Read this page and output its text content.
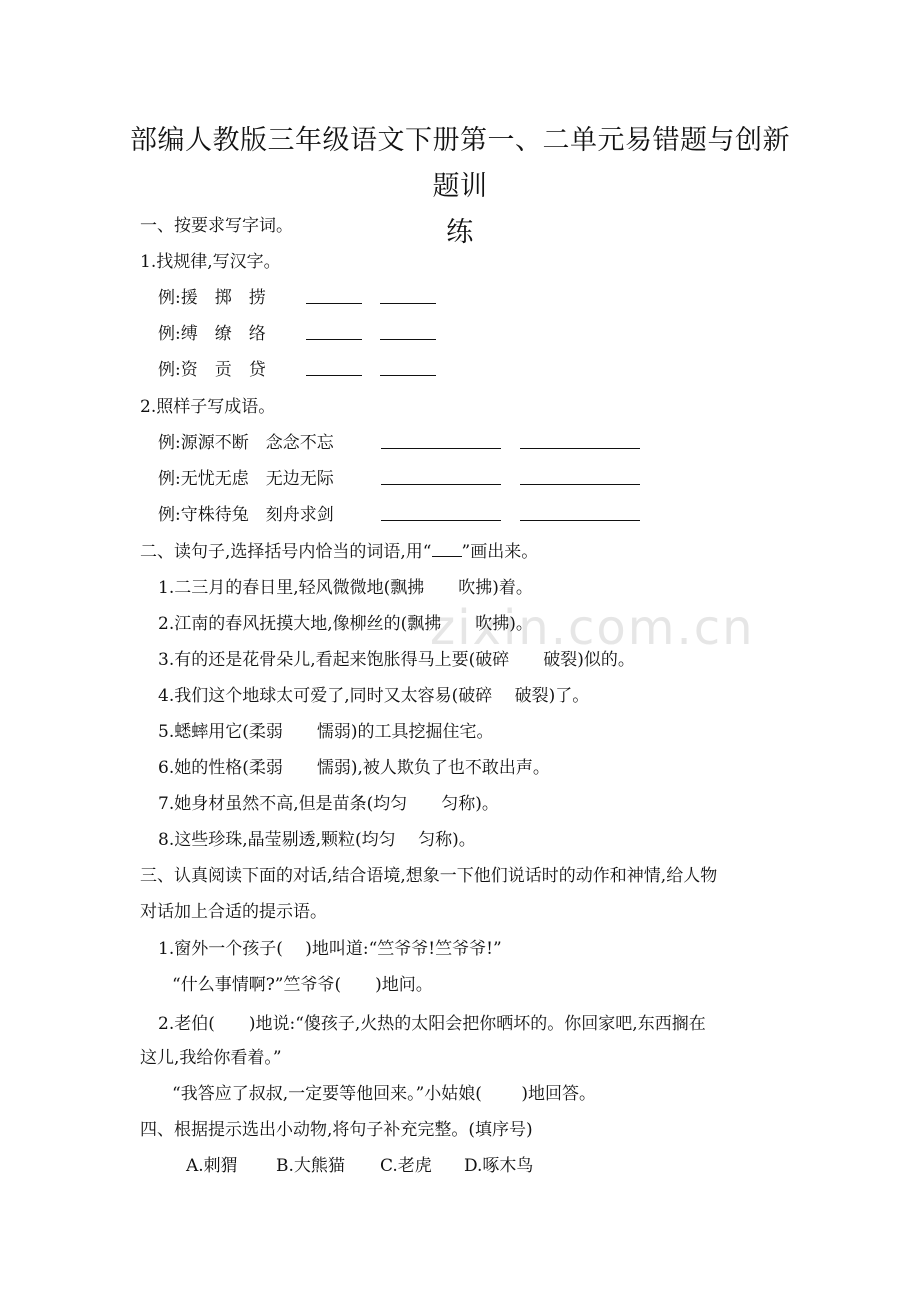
zixin.com.cn
部编人教版三年级语文下册第一、二单元易错题与创新题训
练
一、按要求写字词。
1.找规律,写汉字。
例:援　掷　捞
例:缚　缭　络
例:资　贡　贷
2.照样子写成语。
例:源源不断　念念不忘
例:无忧无虑　无边无际
例:守株待兔　刻舟求剑
二、读句子,选择括号内恰当的词语,用“ ”画出来。
1.二三月的春日里,轻风微微地(飘拂　　吹拂)着。
2.江南的春风抚摸大地,像柳丝的(飘拂　　吹拂)。
3.有的还是花骨朵儿,看起来饱胀得马上要(破碎　　破裂)似的。
4.我们这个地球太可爱了,同时又太容易(破碎　 破裂)了。
5.蟋蟀用它(柔弱　　懦弱)的工具挖掘住宅。
6.她的性格(柔弱　　懦弱),被人欺负了也不敢出声。
7.她身材虽然不高,但是苗条(均匀　　匀称)。
8.这些珍珠,晶莹剔透,颗粒(均匀　 匀称)。
三、认真阅读下面的对话,结合语境,想象一下他们说话时的动作和神情,给人物
对话加上合适的提示语。
1.窗外一个孩子(　 )地叫道:“竺爷爷!竺爷爷!”
“什么事情啊?”竺爷爷(　　)地问。
2.老伯(　　)地说:“傻孩子,火热的太阳会把你晒坏的。你回家吧,东西搁在
这儿,我给你看着。”
“我答应了叔叔,一定要等他回来。”小姑娘(　　 )地回答。
四、根据提示选出小动物,将句子补充完整。(填序号)
A.刺猬 B.大熊猫 C.老虎 D.啄木鸟
